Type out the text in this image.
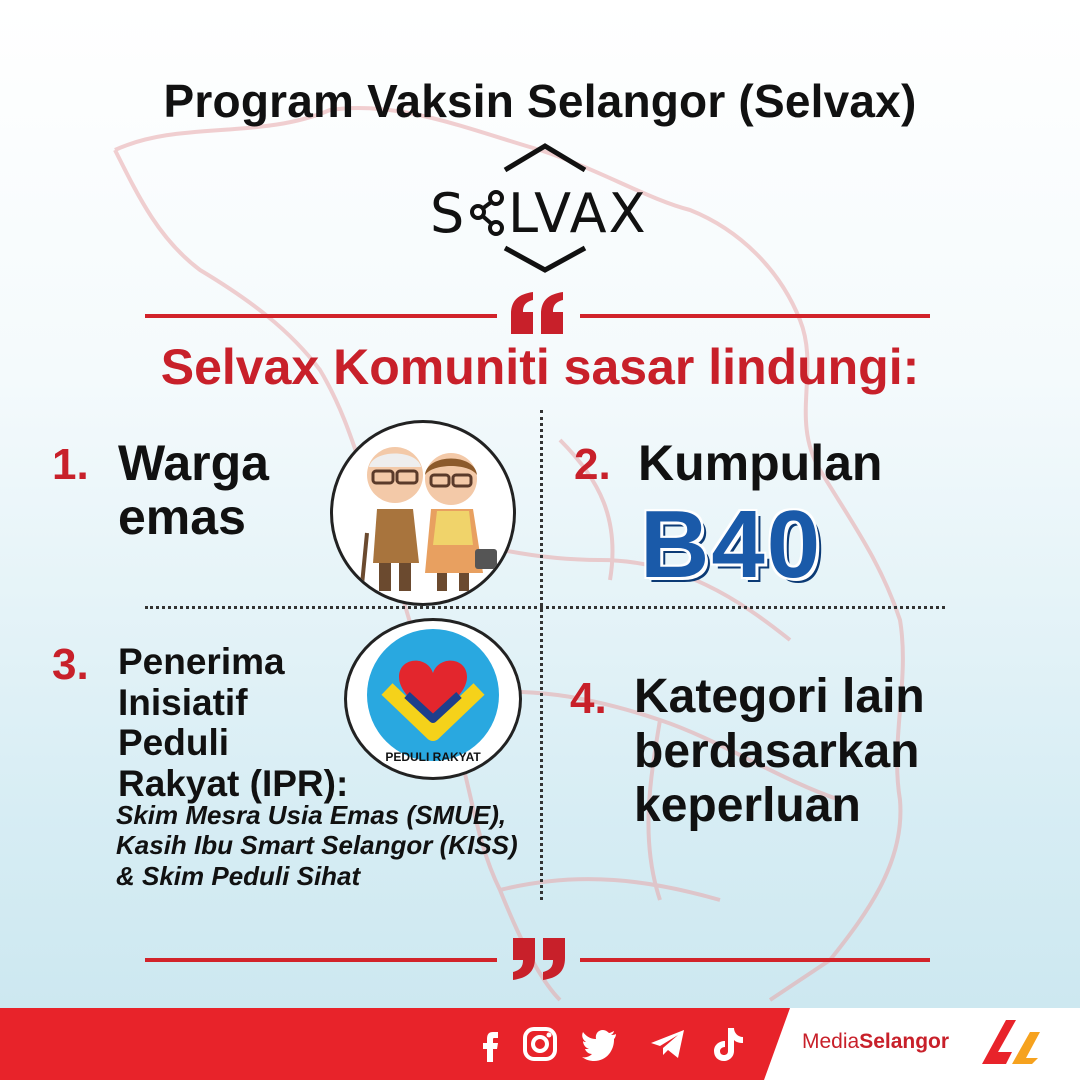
Program Vaksin Selangor (Selvax)
S LVAX
Selvax Komuniti sasar lindungi:
1. Warga
emas
2. Kumpulan
B40
3. Penerima
Inisiatif
Peduli
Rakyat (IPR):
Skim Mesra Usia Emas (SMUE), Kasih Ibu Smart Selangor (KISS) & Skim Peduli Sihat
PEDULI RAKYAT
4. Kategori lain
berdasarkan
keperluan
MediaSelangor
